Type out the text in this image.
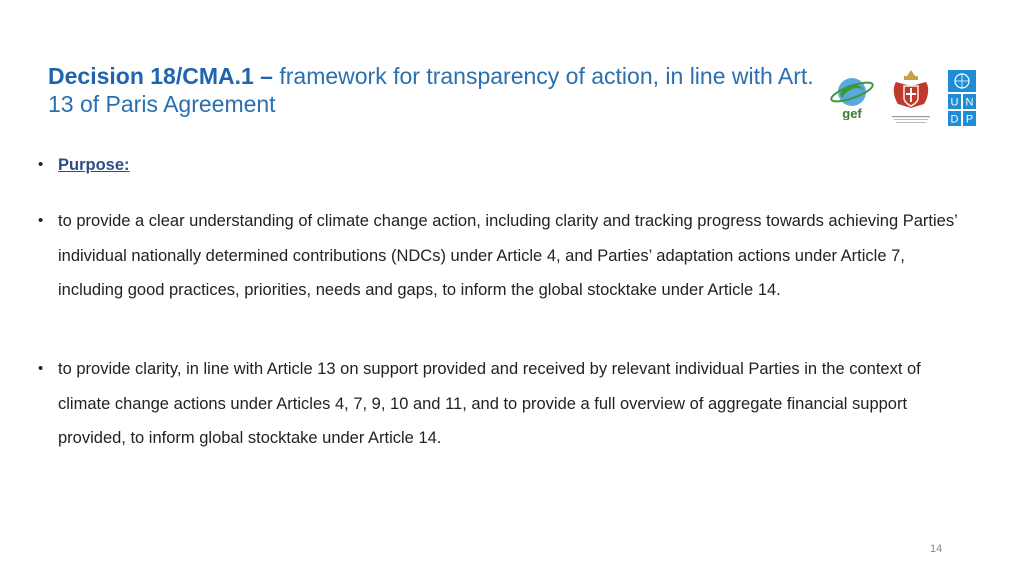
Decision 18/CMA.1 – framework for transparency of action, in line with Art. 13 of Paris Agreement	gef
U N
D P
• Purpose:
• to provide a clear understanding of climate change action, including clarity and tracking progress towards achieving Parties’ individual nationally determined contributions (NDCs) under Article 4, and Parties’ adaptation actions under Article 7, including good practices, priorities, needs and gaps, to inform the global stocktake under Article 14.
• to provide clarity, in line with Article 13 on support provided and received by relevant individual Parties in the context of climate change actions under Articles 4, 7, 9, 10 and 11, and to provide a full overview of aggregate financial support provided, to inform global stocktake under Article 14.
14
